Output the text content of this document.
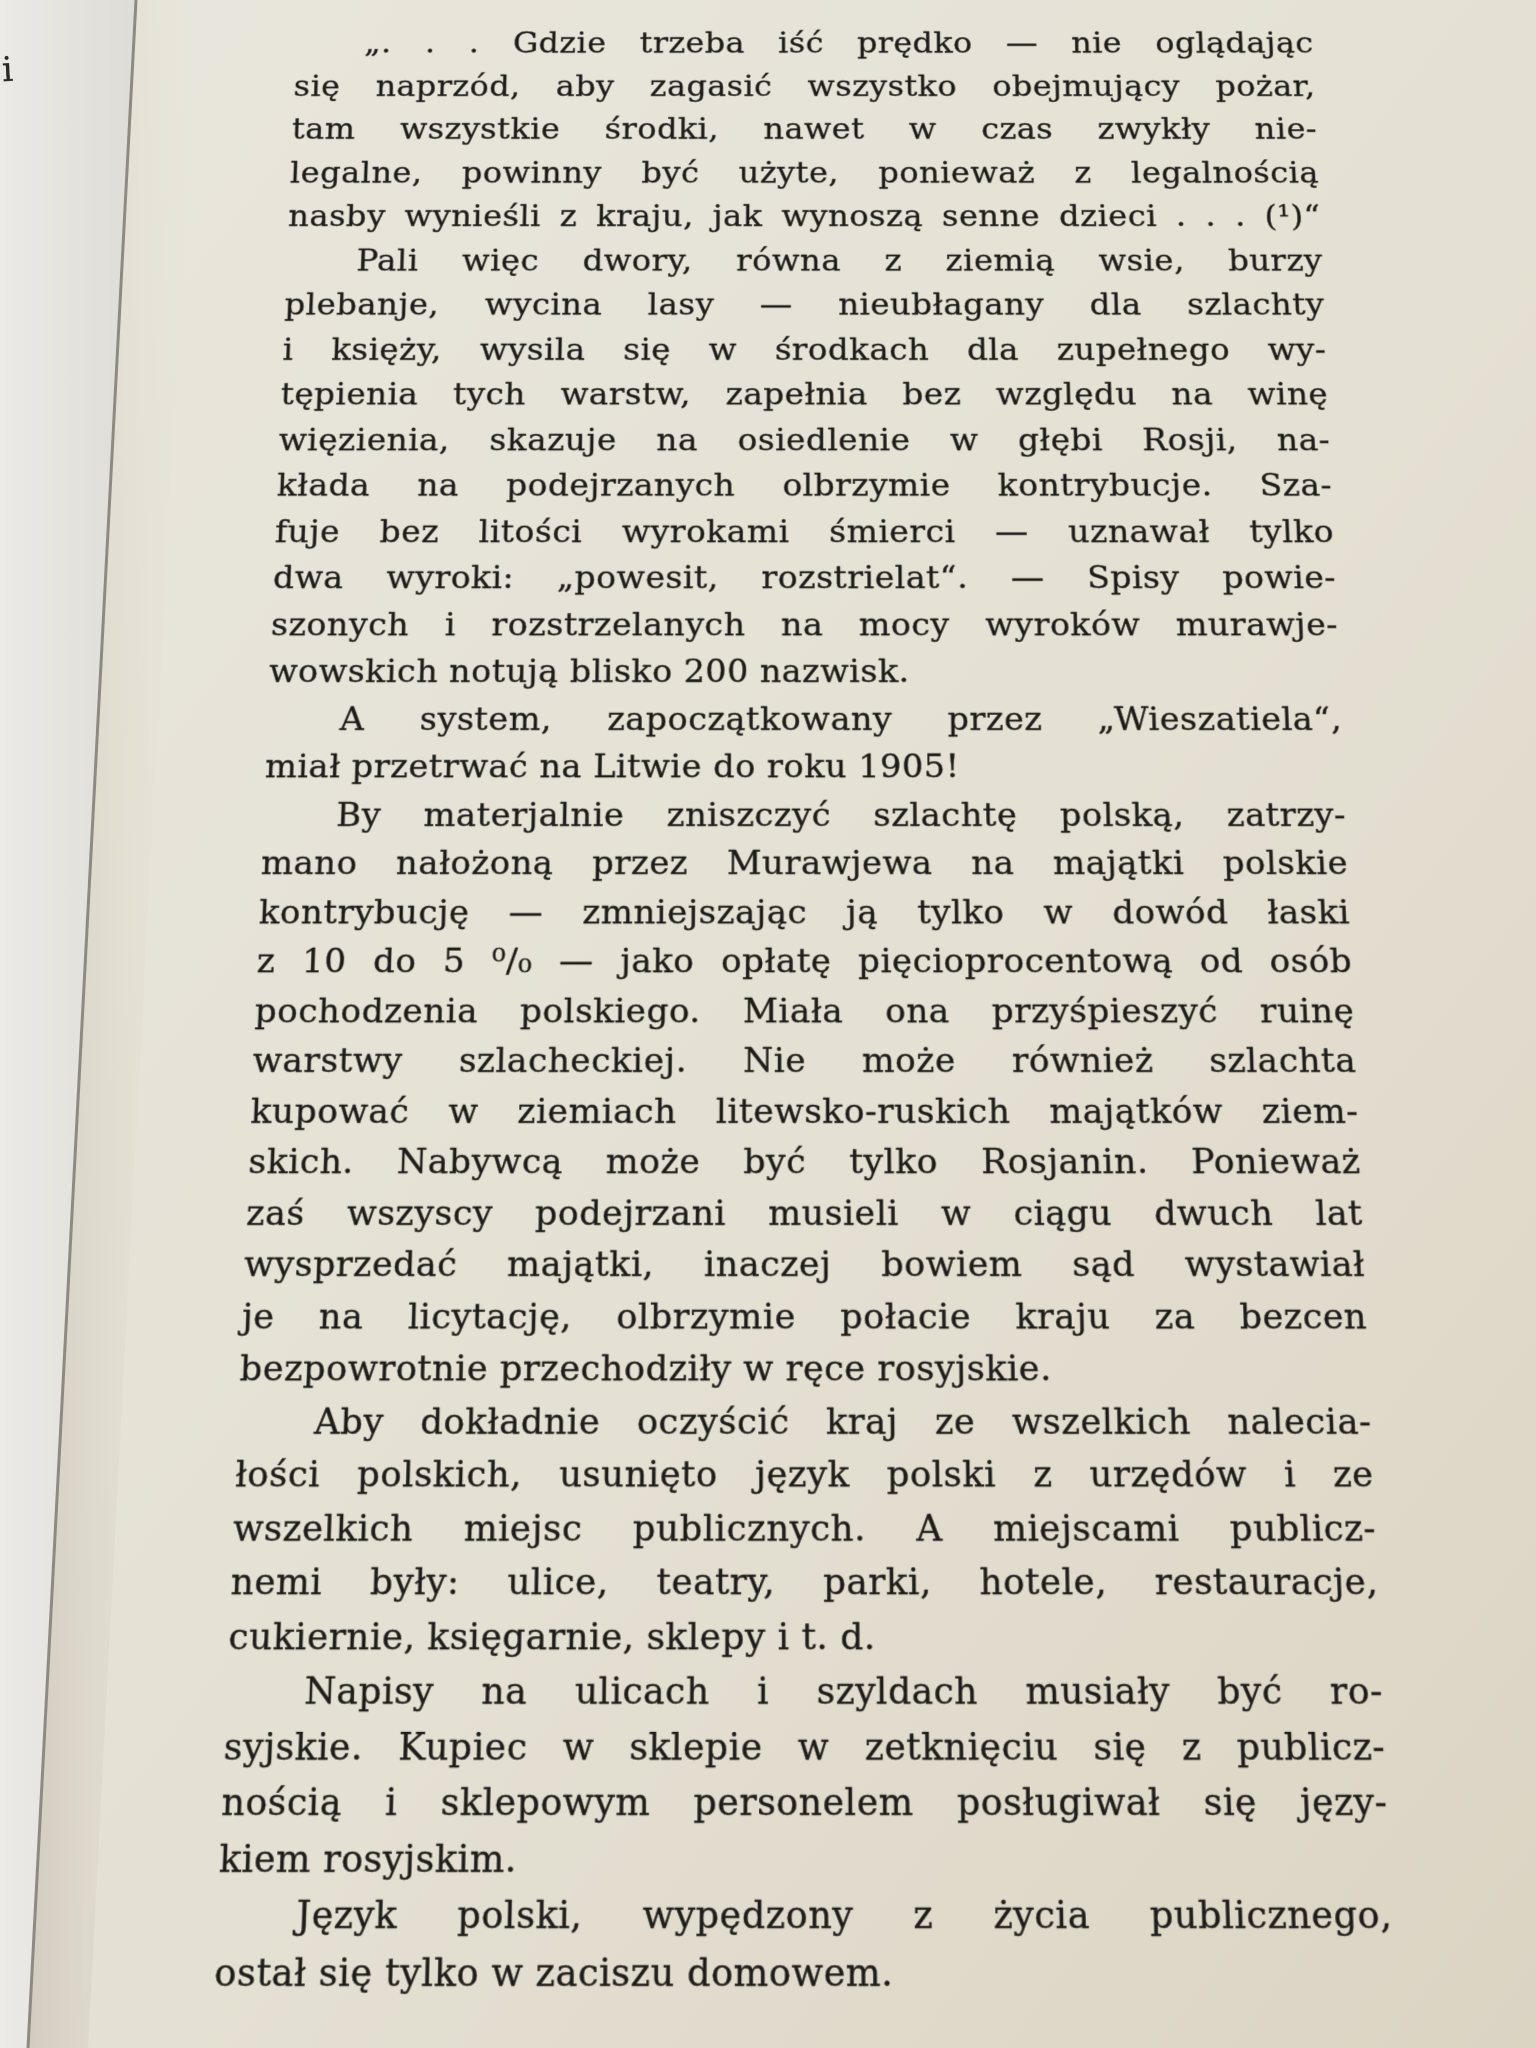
i
„. . . Gdzie trzeba iść prędko — nie oglądając
się naprzód, aby zagasić wszystko obejmujący pożar,
tam wszystkie środki, nawet w czas zwykły nie-
legalne, powinny być użyte, ponieważ z legalnością
nasby wynieśli z kraju, jak wynoszą senne dzieci . . . (¹)“
Pali więc dwory, równa z ziemią wsie, burzy
plebanje, wycina lasy — nieubłagany dla szlachty
i księży, wysila się w środkach dla zupełnego wy-
tępienia tych warstw, zapełnia bez względu na winę
więzienia, skazuje na osiedlenie w głębi Rosji, na-
kłada na podejrzanych olbrzymie kontrybucje. Sza-
fuje bez litości wyrokami śmierci — uznawał tylko
dwa wyroki: „powesit, rozstrielat“. — Spisy powie-
szonych i rozstrzelanych na mocy wyroków murawje-
wowskich notują blisko 200 nazwisk.
A system, zapoczątkowany przez „Wieszatiela“,
miał przetrwać na Litwie do roku 1905!
By materjalnie zniszczyć szlachtę polską, zatrzy-
mano nałożoną przez Murawjewa na majątki polskie
kontrybucję — zmniejszając ją tylko w dowód łaski
z 10 do 5 ⁰/₀ — jako opłatę pięcioprocentową od osób
pochodzenia polskiego. Miała ona przyśpieszyć ruinę
warstwy szlacheckiej. Nie może również szlachta
kupować w ziemiach litewsko-ruskich majątków ziem-
skich. Nabywcą może być tylko Rosjanin. Ponieważ
zaś wszyscy podejrzani musieli w ciągu dwuch lat
wysprzedać majątki, inaczej bowiem sąd wystawiał
je na licytację, olbrzymie połacie kraju za bezcen
bezpowrotnie przechodziły w ręce rosyjskie.
Aby dokładnie oczyścić kraj ze wszelkich nalecia-
łości polskich, usunięto język polski z urzędów i ze
wszelkich miejsc publicznych. A miejscami publicz-
nemi były: ulice, teatry, parki, hotele, restauracje,
cukiernie, księgarnie, sklepy i t. d.
Napisy na ulicach i szyldach musiały być ro-
syjskie. Kupiec w sklepie w zetknięciu się z publicz-
nością i sklepowym personelem posługiwał się języ-
kiem rosyjskim.
Język polski, wypędzony z życia publicznego,
ostał się tylko w zaciszu domowem.
